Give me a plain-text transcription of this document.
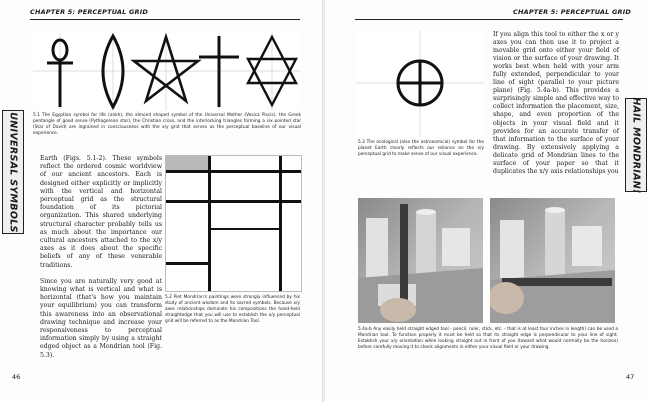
CHAPTER 5: PERCEPTUAL GRID
5.1 The Egyptian symbol for life (ankh), the almond shaped symbol of the Universal Mother (Vesica Piscis), the Greek pentangle of good sense (Pythagorean star), the Christian cross, and the interlocking triangles forming a six pointed star (Star of David) are ingrained in consciousness with the x/y grid that serves as the perceptual baseline of our visual experience.
UNIVERSAL SYMBOLS	Earth (Figs. 5.1-2). These symbols reflect the ordered cosmic worldview of our ancient ancestors. Each is designed either explicitly or implicitly with the vertical and horizontal perceptual grid as the structural foundation of its pictorial organization. This shared underlying structural character probably tells us as much about the importance our cultural ancestors attached to the x/y axes as it does about the specific beliefs of any of these venerable traditions.

Since you are naturally very good at knowing what is vertical and what is horizontal (that's how you maintain your equilibrium) you can transform this awareness into an observational drawing technique and increase your responsiveness to perceptual information simply by using a straight edged object as a Mondrian tool (Fig. 5.3).

5.2 Piet Mondrian's paintings were strongly influenced by his study of ancient wisdom and its sacred symbols. Because x/y axes relationships dominate his compositions the hand-held straightedge that you will use to establish the x/y perceptual grid will be referred to as the Mondrian Tool.
46
CHAPTER 5: PERCEPTUAL GRID
5.3 The ecological (also the astronomical) symbol for the planet Earth clearly reflects our reliance on the x/y perceptual grid to make sense of our visual experience.
If you align this tool to either the x or y axes you can then use it to project a movable grid onto either your field of vision or the surface of your drawing. It works best when held with your arm fully extended, perpendicular to your line of sight (parallel to your picture plane) (Fig. 5.4a-b). This provides a surprisingly simple and effective way to collect information the placement, size, shape, and even proportion of the objects in your visual field and it provides for an accurate transfer of that information to the surface of your drawing. By extensively applying a delicate grid of Mondrian lines to the surface of your paper so that it duplicates the x/y axis relationships you HAIL MONDRIAN!
5.4a-b Any easily held straight edged tool - pencil, ruler, stick, etc. - that is at least four inches in length) can be used a Mondrian tool. To function properly it must be held so that its straight edge is perpendicular to your line of sight. Establish your x/y orientation while looking straight out in front of you (toward what would normally be the horizon) before carefully moving it to check alignments in either your visual field or your drawing.
47
